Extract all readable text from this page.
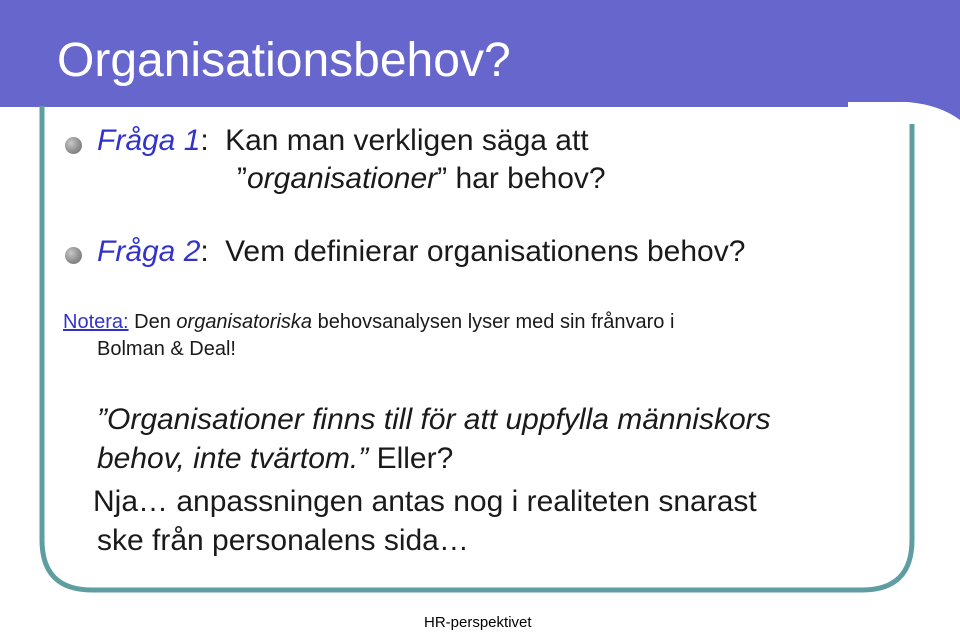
Organisationsbehov?
Fråga 1: Kan man verkligen säga att
”organisationer” har behov?
Fråga 2: Vem definierar organisationens behov?
Notera: Den organisatoriska behovsanalysen lyser med sin frånvaro i
Bolman & Deal!
”Organisationer finns till för att uppfylla människors
behov, inte tvärtom.” Eller?
Nja… anpassningen antas nog i realiteten snarast
ske från personalens sida…
HR-perspektivet
